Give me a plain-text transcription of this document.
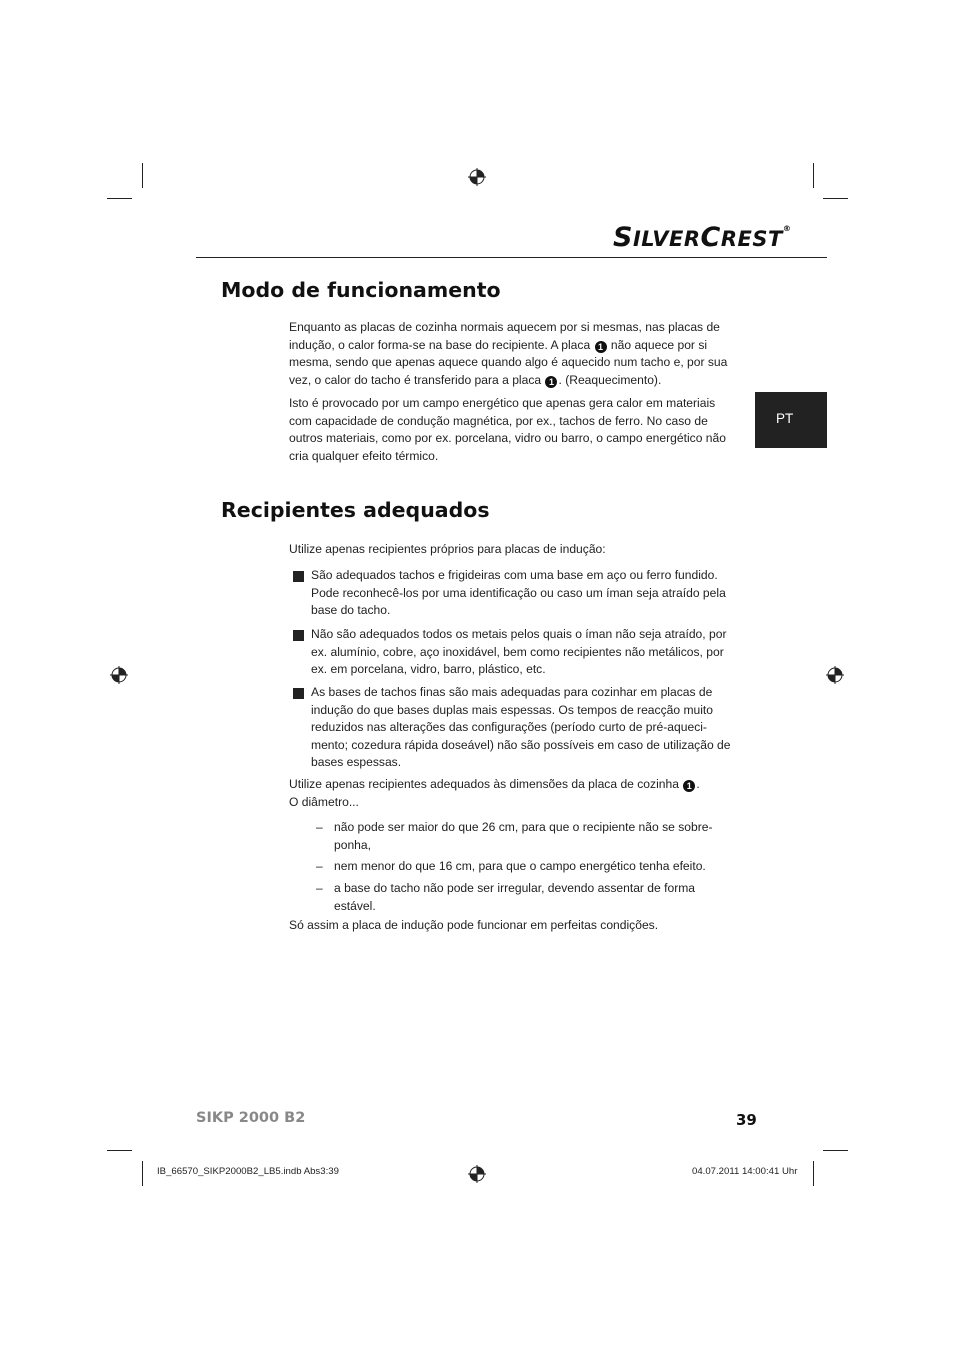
SILVERCREST®
PT
Modo de funcionamento

Enquanto as placas de cozinha normais aquecem por si mesmas, nas placas de indução, o calor forma-se na base do recipiente. A placa 1 não aquece por si mesma, sendo que apenas aquece quando algo é aquecido num tacho e, por sua vez, o calor do tacho é transferido para a placa 1 . (Reaquecimento).

Isto é provocado por um campo energético que apenas gera calor em materiais com capacidade de condução magnética, por ex., tachos de ferro. No caso de outros materiais, como por ex. porcelana, vidro ou barro, o campo energético não cria qualquer efeito térmico.

Recipientes adequados

Utilize apenas recipientes próprios para placas de indução:

São adequados tachos e frigideiras com uma base em aço ou ferro fundido. Pode reconhecê-los por uma identificação ou caso um íman seja atraído pela base do tacho.

Não são adequados todos os metais pelos quais o íman não seja atraído, por ex. alumínio, cobre, aço inoxidável, bem como recipientes não metálicos, por ex. em porcelana, vidro, barro, plástico, etc.

As bases de tachos finas são mais adequadas para cozinhar em placas de indução do que bases duplas mais espessas. Os tempos de reacção muito reduzidos nas alterações das configurações (período curto de pré-aqueci-mento; cozedura rápida doseável) não são possíveis em caso de utilização de bases espessas.

Utilize apenas recipientes adequados às dimensões da placa de cozinha 1 .
O diâmetro...

– não pode ser maior do que 26 cm, para que o recipiente não se sobre-ponha,

– nem menor do que 16 cm, para que o campo energético tenha efeito.

– a base do tacho não pode ser irregular, devendo assentar de forma estável.

Só assim a placa de indução pode funcionar em perfeitas condições.

SIKP 2000 B2	39
IB_66570_SIKP2000B2_LB5.indb Abs3:39	04.07.2011 14:00:41 Uhr
